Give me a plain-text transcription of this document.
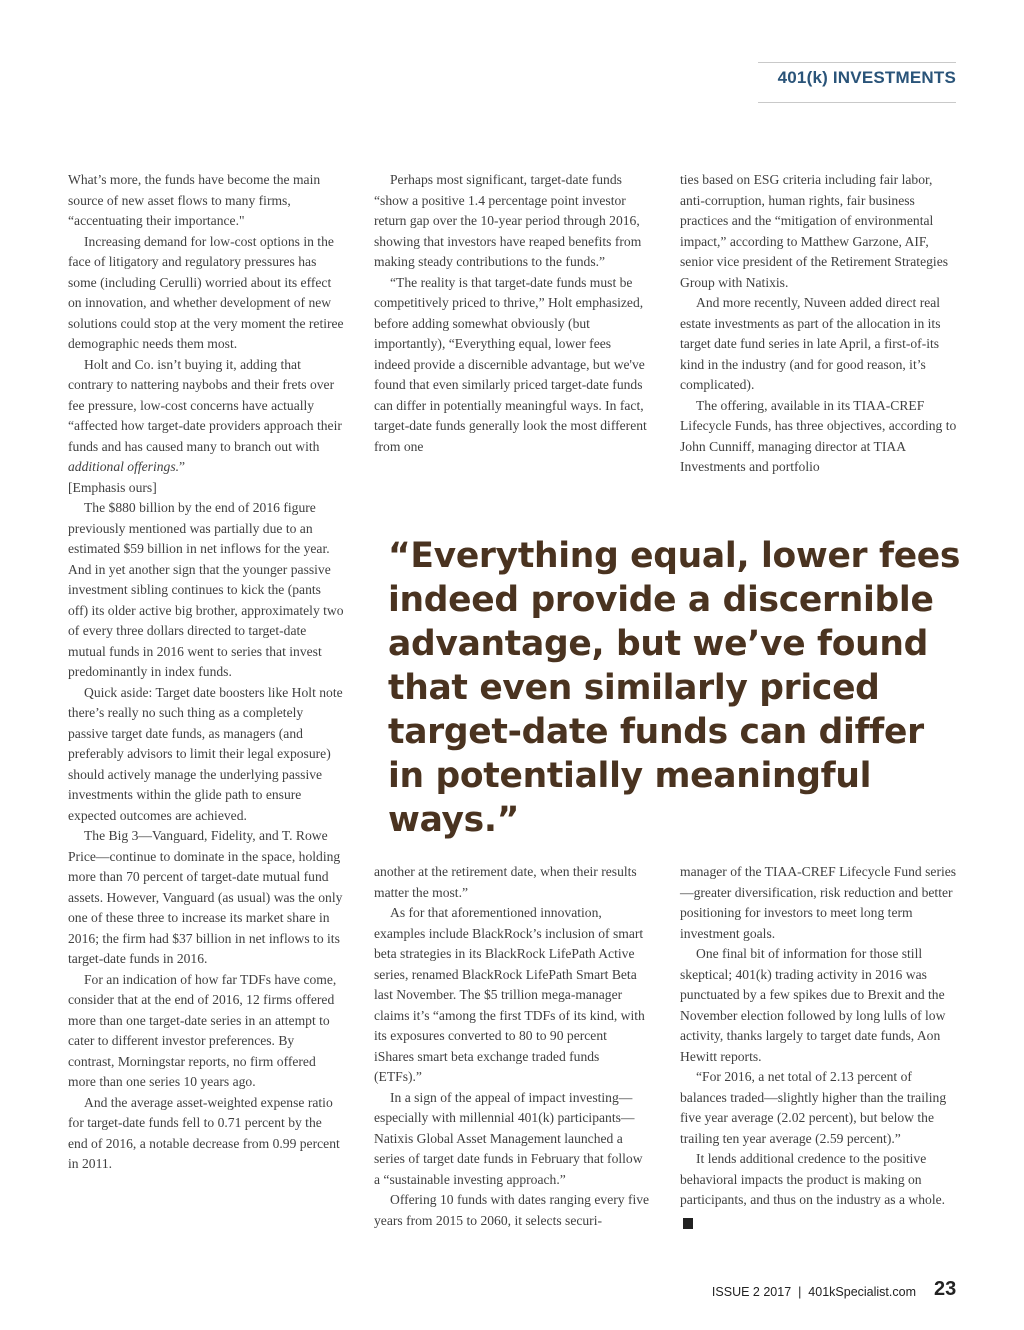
401(k) INVESTMENTS

What’s more, the funds have become the main source of new asset flows to many firms, “accentuating their importance."

Increasing demand for low-cost options in the face of litigatory and regulatory pressures has some (including Cerulli) worried about its effect on innovation, and whether development of new solutions could stop at the very moment the retiree demographic needs them most.

Holt and Co. isn’t buying it, adding that contrary to nattering naybobs and their frets over fee pressure, low-cost concerns have actually “affected how target-date providers approach their funds and has caused many to branch out with additional offerings.”

[Emphasis ours]

The $880 billion by the end of 2016 figure previously mentioned was partially due to an estimated $59 billion in net inflows for the year. And in yet another sign that the younger passive investment sibling continues to kick the (pants off) its older active big brother, approximately two of every three dollars directed to target-date mutual funds in 2016 went to series that invest predominantly in index funds.

Quick aside: Target date boosters like Holt note there’s really no such thing as a completely passive target date funds, as managers (and preferably advisors to limit their legal exposure) should actively manage the underlying passive investments within the glide path to ensure expected outcomes are achieved.

The Big 3—Vanguard, Fidelity, and T. Rowe Price—continue to dominate in the space, holding more than 70 percent of target-date mutual fund assets. However, Vanguard (as usual) was the only one of these three to increase its market share in 2016; the firm had $37 billion in net inflows to its target-date funds in 2016.

For an indication of how far TDFs have come, consider that at the end of 2016, 12 firms offered more than one target-date series in an attempt to cater to different investor preferences. By contrast, Morningstar reports, no firm offered more than one series 10 years ago.

And the average asset-weighted expense ratio for target-date funds fell to 0.71 percent by the end of 2016, a notable decrease from 0.99 percent in 2011.

Perhaps most significant, target-date funds “show a positive 1.4 percentage point investor return gap over the 10-year period through 2016, showing that investors have reaped benefits from making steady contributions to the funds.”

“The reality is that target-date funds must be competitively priced to thrive,” Holt emphasized, before adding somewhat obviously (but importantly), “Everything equal, lower fees indeed provide a discernible advantage, but we've found that even similarly priced target-date funds can differ in potentially meaningful ways. In fact, target-date funds generally look the most different from one

ties based on ESG criteria including fair labor, anti-corruption, human rights, fair business practices and the “mitigation of environmental impact,” according to Matthew Garzone, AIF, senior vice president of the Retirement Strategies Group with Natixis.

And more recently, Nuveen added direct real estate investments as part of the allocation in its target date fund series in late April, a first-of-its kind in the industry (and for good reason, it’s complicated).

The offering, available in its TIAA-CREF Lifecycle Funds, has three objectives, according to John Cunniff, managing director at TIAA Investments and portfolio

“Everything equal, lower fees indeed provide a discernible advantage, but we’ve found that even similarly priced target-date funds can differ in potentially meaningful ways.”

another at the retirement date, when their results matter the most.”

As for that aforementioned innovation, examples include BlackRock’s inclusion of smart beta strategies in its BlackRock LifePath Active series, renamed BlackRock LifePath Smart Beta last November. The $5 trillion mega-manager claims it’s “among the first TDFs of its kind, with its exposures converted to 80 to 90 percent iShares smart beta exchange traded funds (ETFs).”

In a sign of the appeal of impact investing—especially with millennial 401(k) participants—Natixis Global Asset Management launched a series of target date funds in February that follow a “sustainable investing approach.”

Offering 10 funds with dates ranging every five years from 2015 to 2060, it selects securi-

manager of the TIAA-CREF Lifecycle Fund series—greater diversification, risk reduction and better positioning for investors to meet long term investment goals.

One final bit of information for those still skeptical; 401(k) trading activity in 2016 was punctuated by a few spikes due to Brexit and the November election followed by long lulls of low activity, thanks largely to target date funds, Aon Hewitt reports.

“For 2016, a net total of 2.13 percent of balances traded—slightly higher than the trailing five year average (2.02 percent), but below the trailing ten year average (2.59 percent).”

It lends additional credence to the positive behavioral impacts the product is making on participants, and thus on the industry as a whole.K

ISSUE 2 2017 | 401kSpecialist.com 23
